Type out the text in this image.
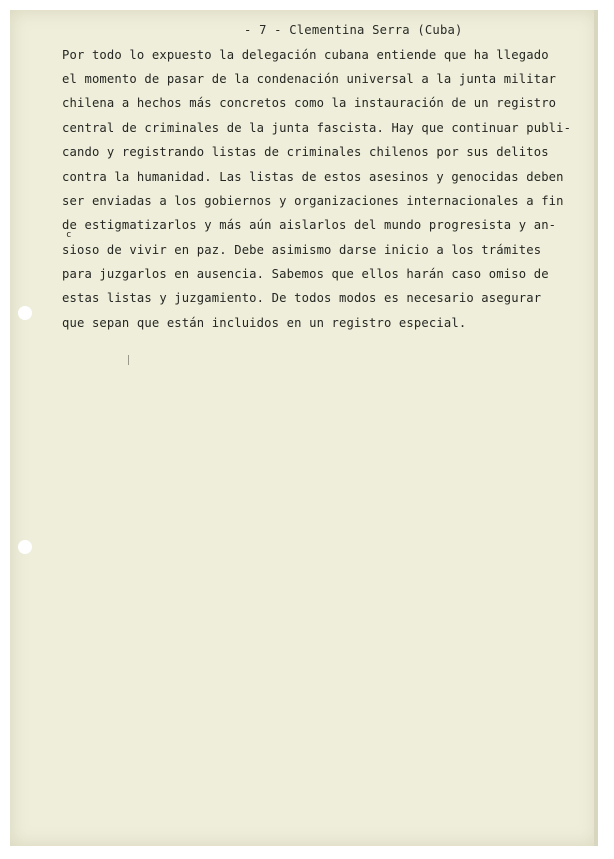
- 7 - Clementina Serra (Cuba)
c
Por todo lo expuesto la delegación cubana entiende que ha llegado
el momento de pasar de la condenación universal a la junta militar
chilena a hechos más concretos como la instauración de un registro
central de criminales de la junta fascista. Hay que continuar publi-
cando y registrando listas de criminales chilenos por sus delitos
contra la humanidad. Las listas de estos asesinos y genocidas deben
ser enviadas a los gobiernos y organizaciones internacionales a fin
de estigmatizarlos y más aún aislarlos del mundo progresista y an-
sioso de vivir en paz. Debe asimismo darse inicio a los trámites
para juzgarlos en ausencia. Sabemos que ellos harán caso omiso de
estas listas y juzgamiento. De todos modos es necesario asegurar
que sepan que están incluidos en un registro especial.
